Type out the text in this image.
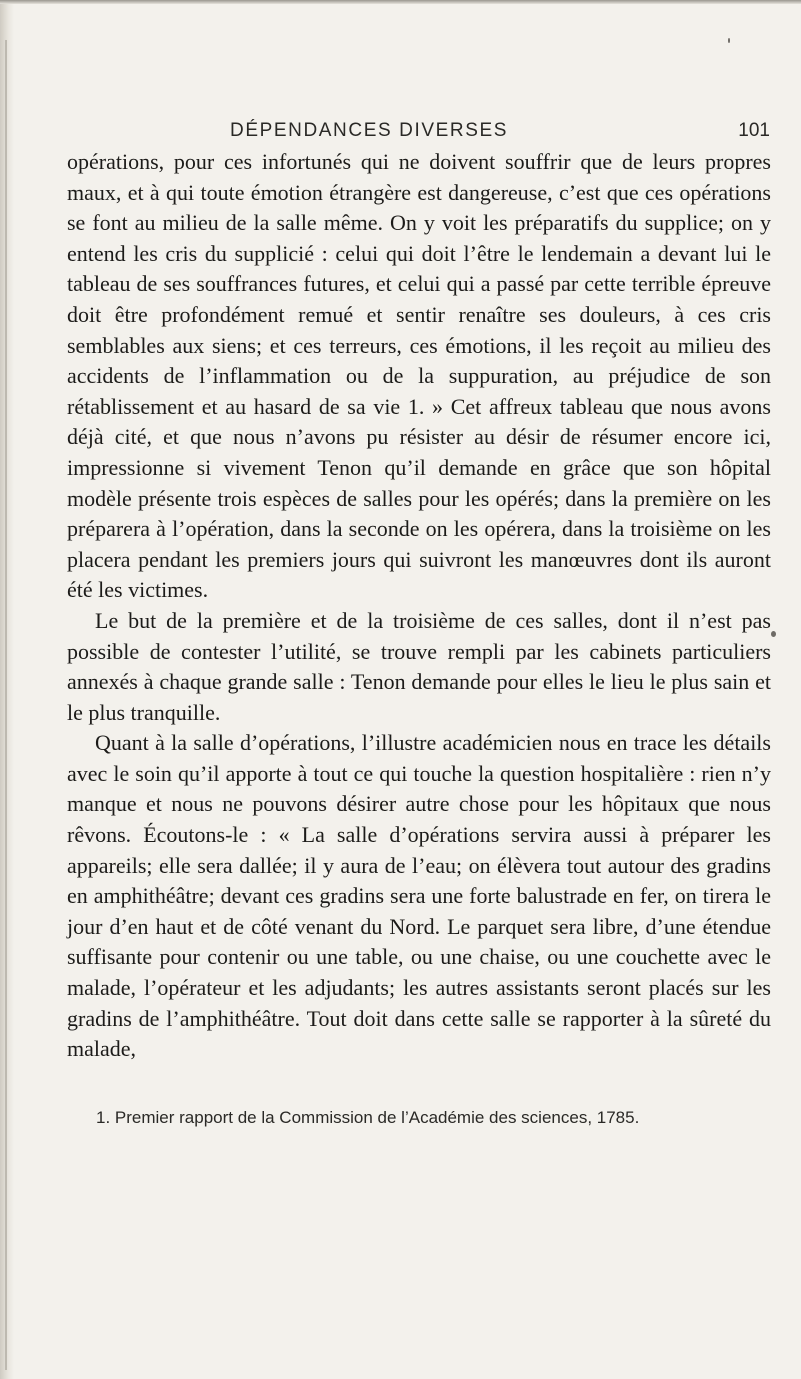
DÉPENDANCES DIVERSES	101

opérations, pour ces infortunés qui ne doivent souffrir que de leurs propres maux, et à qui toute émotion étrangère est dangereuse, c’est que ces opérations se font au milieu de la salle même. On y voit les préparatifs du supplice; on y entend les cris du supplicié : celui qui doit l’être le lendemain a devant lui le tableau de ses souffrances futures, et celui qui a passé par cette terrible épreuve doit être profondément remué et sentir renaître ses douleurs, à ces cris semblables aux siens; et ces terreurs, ces émotions, il les reçoit au milieu des accidents de l’inflammation ou de la suppuration, au préjudice de son rétablissement et au hasard de sa vie 1. » Cet affreux tableau que nous avons déjà cité, et que nous n’avons pu résister au désir de résumer encore ici, impressionne si vivement Tenon qu’il demande en grâce que son hôpital modèle présente trois espèces de salles pour les opérés; dans la première on les préparera à l’opération, dans la seconde on les opérera, dans la troisième on les placera pendant les premiers jours qui suivront les manœuvres dont ils auront été les victimes.

Le but de la première et de la troisième de ces salles, dont il n’est pas possible de contester l’utilité, se trouve rempli par les cabinets particuliers annexés à chaque grande salle : Tenon demande pour elles le lieu le plus sain et le plus tranquille.

Quant à la salle d’opérations, l’illustre académicien nous en trace les détails avec le soin qu’il apporte à tout ce qui touche la question hospitalière : rien n’y manque et nous ne pouvons désirer autre chose pour les hôpitaux que nous rêvons. Écoutons-le : « La salle d’opérations servira aussi à préparer les appareils; elle sera dallée; il y aura de l’eau; on élèvera tout autour des gradins en amphithéâtre; devant ces gradins sera une forte balustrade en fer, on tirera le jour d’en haut et de côté venant du Nord. Le parquet sera libre, d’une étendue suffisante pour contenir ou une table, ou une chaise, ou une couchette avec le malade, l’opérateur et les adjudants; les autres assistants seront placés sur les gradins de l’amphithéâtre. Tout doit dans cette salle se rapporter à la sûreté du malade,

1. Premier rapport de la Commission de l’Académie des sciences, 1785.
